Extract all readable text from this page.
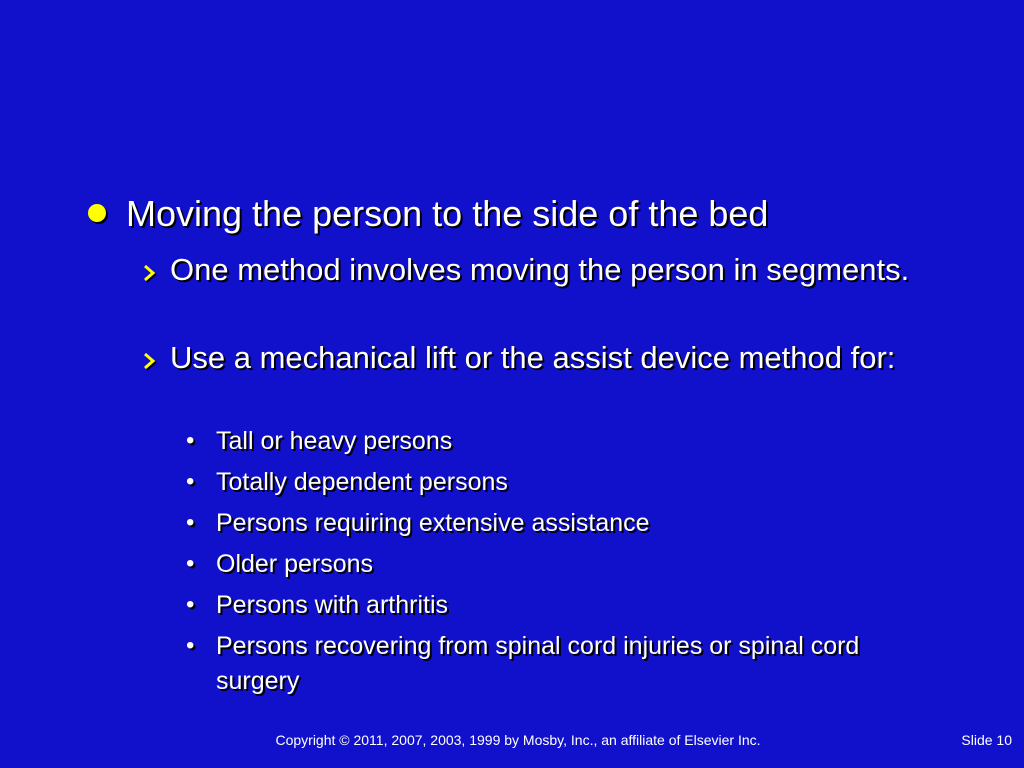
Moving the person to the side of the bed
One method involves moving the person in segments.
Use a mechanical lift or the assist device method for:
• Tall or heavy persons
• Totally dependent persons
• Persons requiring extensive assistance
• Older persons
• Persons with arthritis
• Persons recovering from spinal cord injuries or spinal cord surgery
Copyright © 2011, 2007, 2003, 1999 by Mosby, Inc., an affiliate of Elsevier Inc.	Slide 10
